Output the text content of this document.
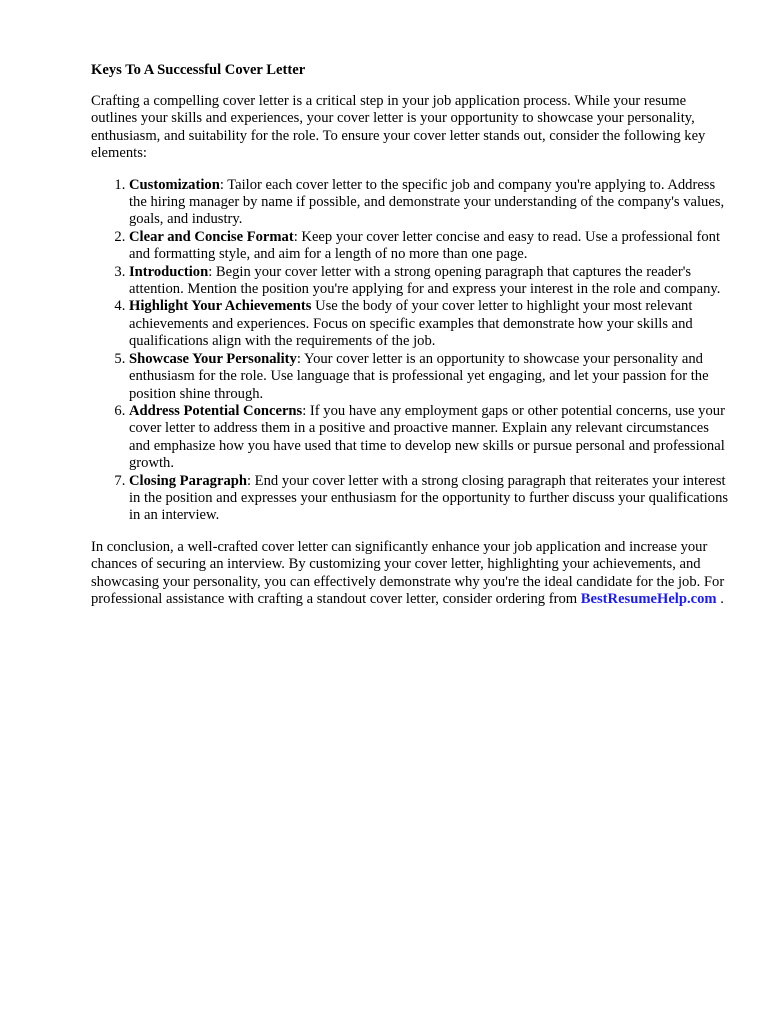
Keys To A Successful Cover Letter

Crafting a compelling cover letter is a critical step in your job application process. While your resume outlines your skills and experiences, your cover letter is your opportunity to showcase your personality, enthusiasm, and suitability for the role. To ensure your cover letter stands out, consider the following key elements:

1. Customization: Tailor each cover letter to the specific job and company you're applying to. Address the hiring manager by name if possible, and demonstrate your understanding of the company's values, goals, and industry.
2. Clear and Concise Format: Keep your cover letter concise and easy to read. Use a professional font and formatting style, and aim for a length of no more than one page.
3. Introduction: Begin your cover letter with a strong opening paragraph that captures the reader's attention. Mention the position you're applying for and express your interest in the role and company.
4. Highlight Your Achievements Use the body of your cover letter to highlight your most relevant achievements and experiences. Focus on specific examples that demonstrate how your skills and qualifications align with the requirements of the job.
5. Showcase Your Personality: Your cover letter is an opportunity to showcase your personality and enthusiasm for the role. Use language that is professional yet engaging, and let your passion for the position shine through.
6. Address Potential Concerns: If you have any employment gaps or other potential concerns, use your cover letter to address them in a positive and proactive manner. Explain any relevant circumstances and emphasize how you have used that time to develop new skills or pursue personal and professional growth.
7. Closing Paragraph: End your cover letter with a strong closing paragraph that reiterates your interest in the position and expresses your enthusiasm for the opportunity to further discuss your qualifications in an interview.

In conclusion, a well-crafted cover letter can significantly enhance your job application and increase your chances of securing an interview. By customizing your cover letter, highlighting your achievements, and showcasing your personality, you can effectively demonstrate why you're the ideal candidate for the job. For professional assistance with crafting a standout cover letter, consider ordering from BestResumeHelp.com .
